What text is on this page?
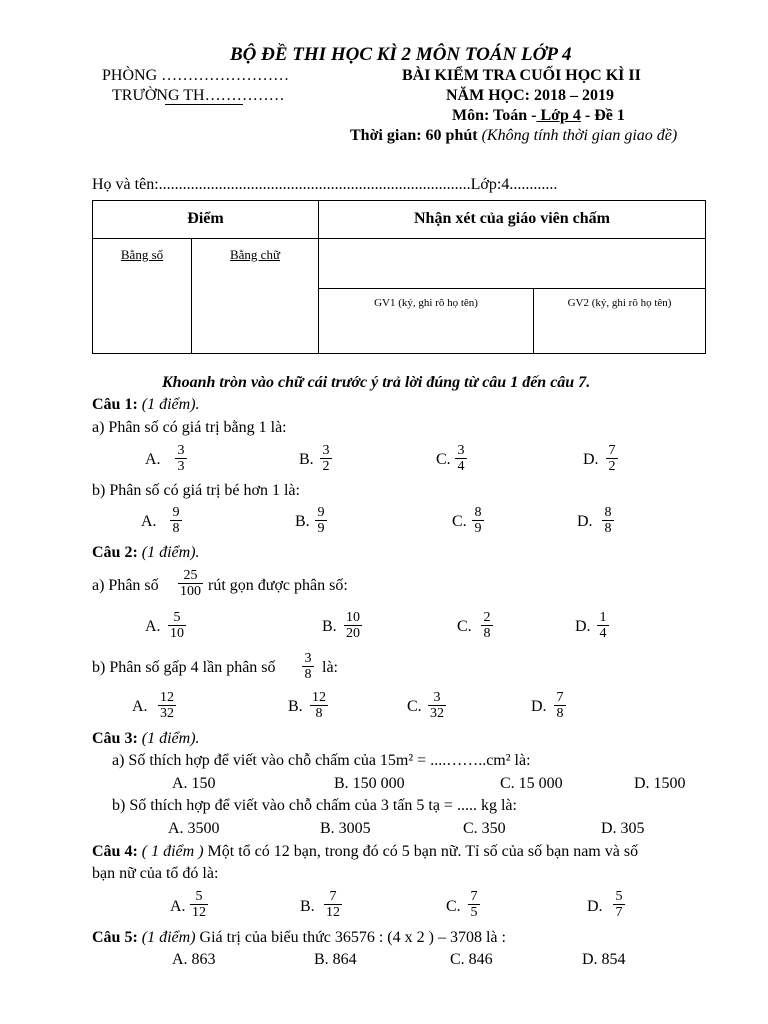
BỘ ĐỀ THI HỌC KÌ 2 MÔN TOÁN LỚP 4
PHÒNG ……………………	BÀI KIỂM TRA CUỐI HỌC KÌ II
TRƯỜNG TH……………	NĂM HỌC: 2018 – 2019
Môn: Toán - Lớp 4 - Đề 1
Thời gian: 60 phút (Không tính thời gian giao đề)
Họ và tên:..............................................................................Lớp:4............
Điểm		Nhận xét của giáo viên chấm	

Bằng số	Bằng chữ		

		GV1 (ký, ghi rõ họ tên)	GV2 (ký, ghi rõ họ tên)
Khoanh tròn vào chữ cái trước ý trả lời đúng từ câu 1 đến câu 7.
Câu 1: (1 điểm).
a) Phân số có giá trị bằng 1 là:
A.
3
3	B.
3
2	C.
3
4	D.
7
2
b) Phân số có giá trị bé hơn 1 là:
A.
9
8	B.
9
9	C.
8
9	D.
8
8
Câu 2: (1 điểm).
a) Phân số
25
100 rút gọn được phân số:
A.
5
10	B.
10
20	C.
2
8	D.
1
4
b) Phân số gấp 4 lần phân số
3
8 là:
A.
12
32	B.
12
8	C.
3
32	D.
7
8
Câu 3: (1 điểm).
a) Số thích hợp để viết vào chỗ chấm của 15m² = ....……..cm² là:
A. 150	B. 150 000	C. 15 000	D. 1500
b) Số thích hợp để viết vào chỗ chấm của 3 tấn 5 tạ = ..... kg là:
A. 3500	B. 3005	C. 350	D. 305
Câu 4: ( 1 điểm ) Một tổ có 12 bạn, trong đó có 5 bạn nữ. Tỉ số của số bạn nam và số
bạn nữ của tổ đó là:
A.
5
12	B.
7
12	C.
7
5	D.
5
7
Câu 5: (1 điểm) Giá trị của biểu thức 36576 : (4 x 2 ) – 3708 là :
A. 863	B. 864	C. 846	D. 854
